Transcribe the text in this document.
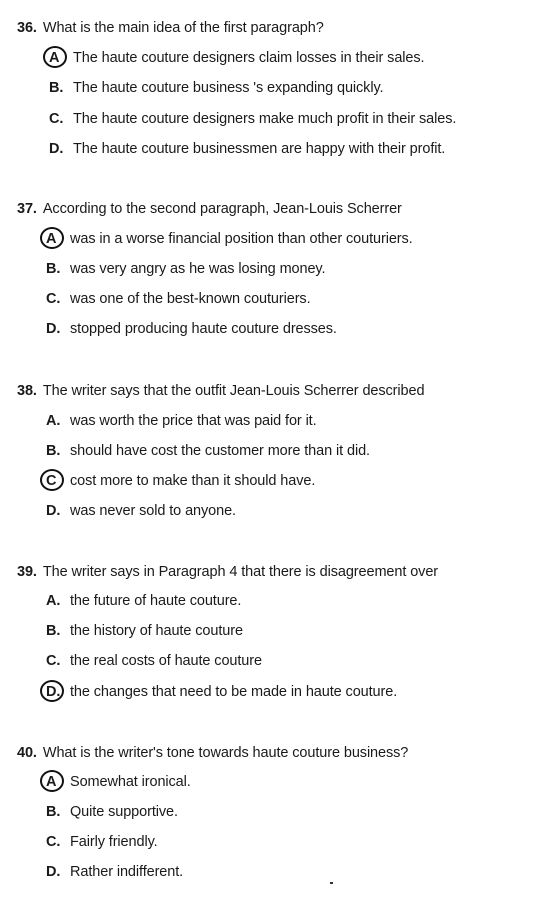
36. What is the main idea of the first paragraph?
A The haute couture designers claim losses in their sales.
B. The haute couture business 's expanding quickly.
C. The haute couture designers make much profit in their sales.
D. The haute couture businessmen are happy with their profit.
37. According to the second paragraph, Jean-Louis Scherrer
A was in a worse financial position than other couturiers.
B. was very angry as he was losing money.
C. was one of the best-known couturiers.
D. stopped producing haute couture dresses.
38. The writer says that the outfit Jean-Louis Scherrer described
A. was worth the price that was paid for it.
B. should have cost the customer more than it did.
C cost more to make than it should have.
D. was never sold to anyone.
39. The writer says in Paragraph 4 that there is disagreement over
A. the future of haute couture.
B. the history of haute couture
C. the real costs of haute couture
D. the changes that need to be made in haute couture.
40. What is the writer's tone towards haute couture business?
A Somewhat ironical.
B. Quite supportive.
C. Fairly friendly.
D. Rather indifferent.
